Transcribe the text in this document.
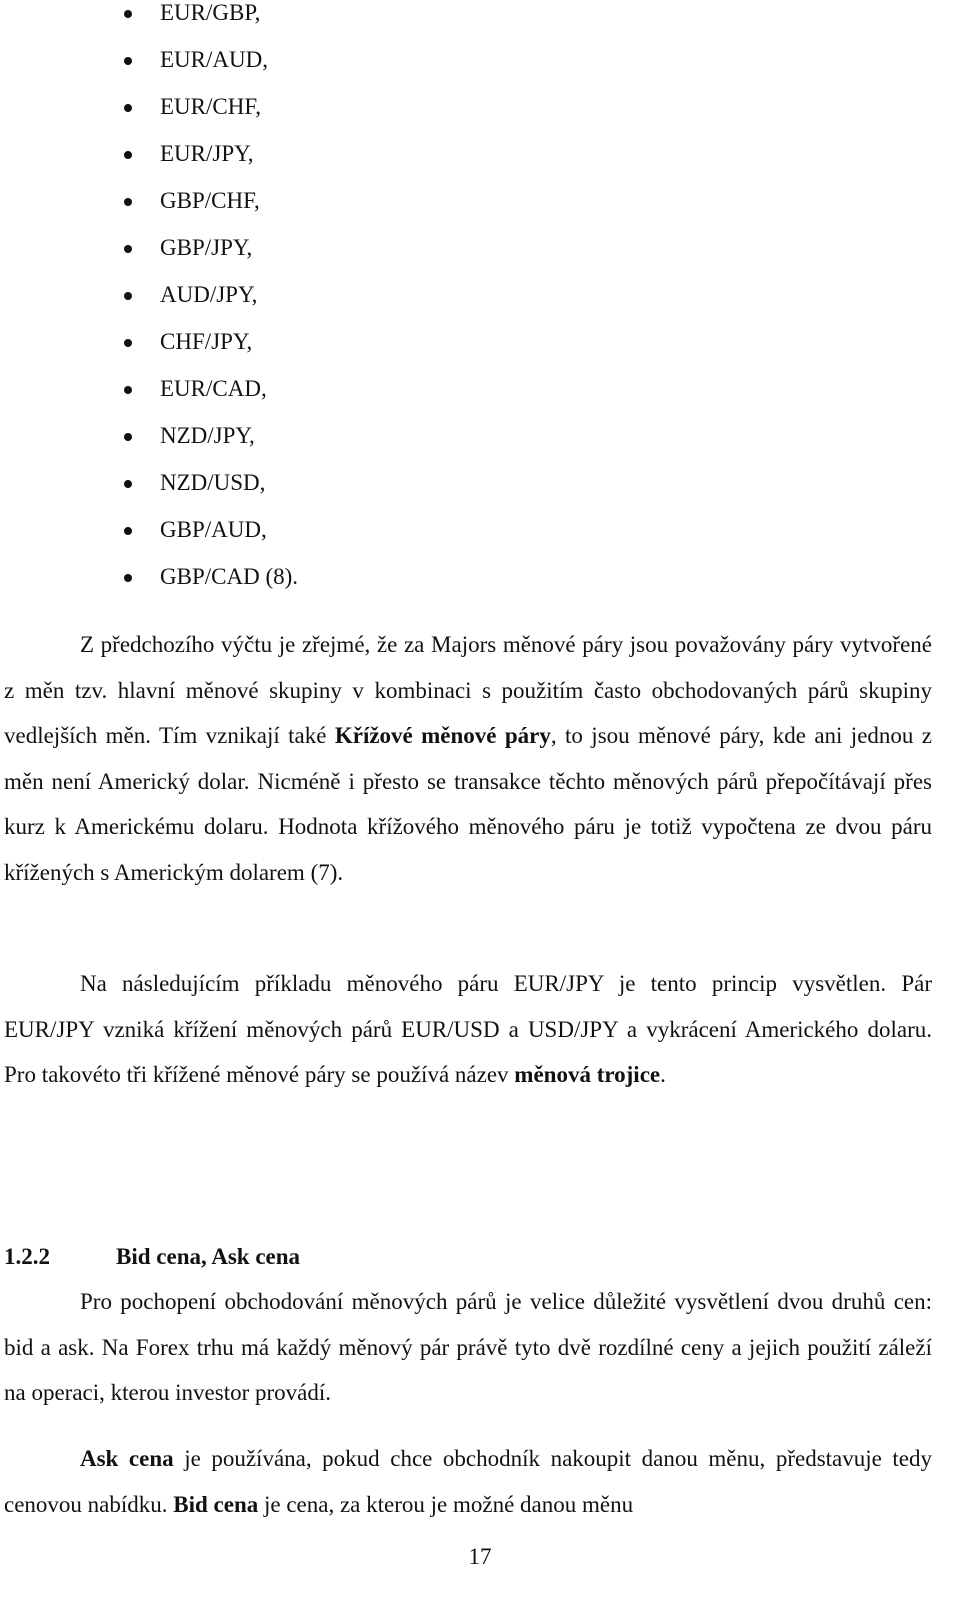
EUR/GBP,
EUR/AUD,
EUR/CHF,
EUR/JPY,
GBP/CHF,
GBP/JPY,
AUD/JPY,
CHF/JPY,
EUR/CAD,
NZD/JPY,
NZD/USD,
GBP/AUD,
GBP/CAD (8).

Z předchozího výčtu je zřejmé, že za Majors měnové páry jsou považovány páry vytvořené z měn tzv. hlavní měnové skupiny v kombinaci s použitím často obchodovaných párů skupiny vedlejších měn. Tím vznikají také Křížové měnové páry, to jsou měnové páry, kde ani jednou z měn není Americký dolar. Nicméně i přesto se transakce těchto měnových párů přepočítávají přes kurz k Americkému dolaru. Hodnota křížového měnového páru je totiž vypočtena ze dvou páru křížených s Americkým dolarem (7).

Na následujícím příkladu měnového páru EUR/JPY je tento princip vysvětlen. Pár EUR/JPY vzniká křížení měnových párů EUR/USD a USD/JPY a vykrácení Amerického dolaru. Pro takovéto tři křížené měnové páry se používá název měnová trojice.

1.2.2	Bid cena, Ask cena

Pro pochopení obchodování měnových párů je velice důležité vysvětlení dvou druhů cen: bid a ask. Na Forex trhu má každý měnový pár právě tyto dvě rozdílné ceny a jejich použití záleží na operaci, kterou investor provádí.

Ask cena je používána, pokud chce obchodník nakoupit danou měnu, představuje tedy cenovou nabídku. Bid cena je cena, za kterou je možné danou měnu

17
